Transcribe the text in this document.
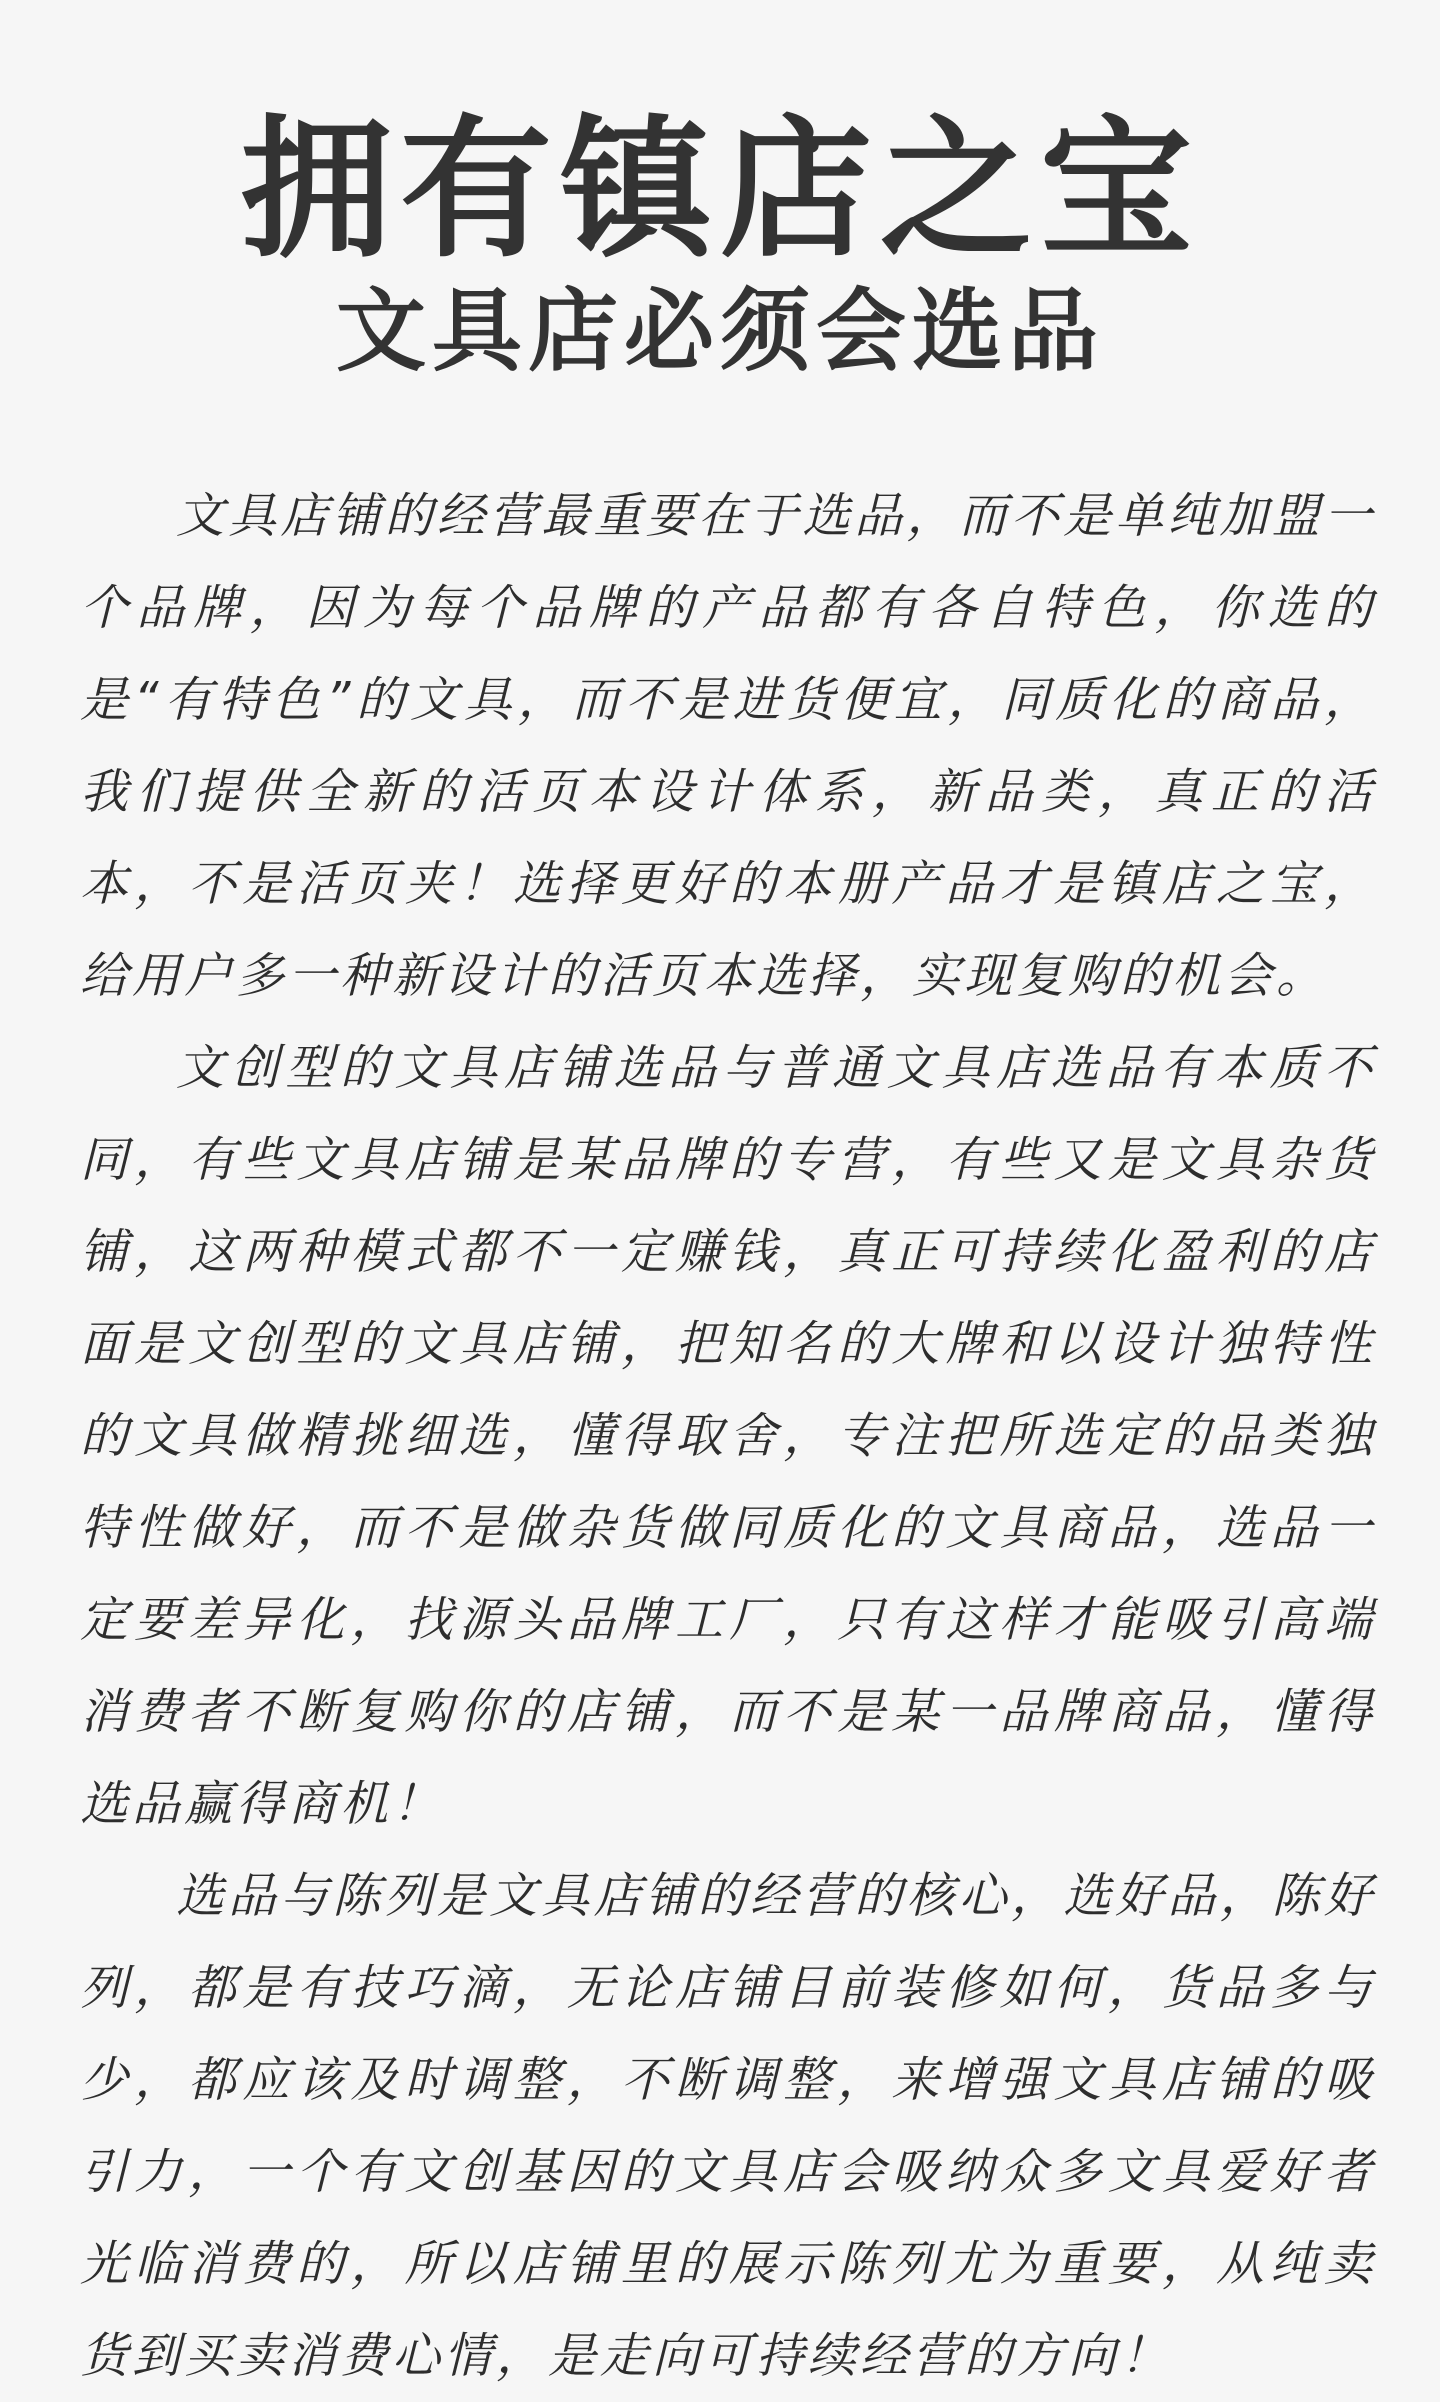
拥有镇店之宝
文具店必须会选品

文具店铺的经营最重要在于选品，而不是单纯加盟一个品牌，因为每个品牌的产品都有各自特色，你选的是“有特色”的文具，而不是进货便宜，同质化的商品，我们提供全新的活页本设计体系，新品类，真正的活本，不是活页夹！选择更好的本册产品才是镇店之宝，给用户多一种新设计的活页本选择，实现复购的机会。

文创型的文具店铺选品与普通文具店选品有本质不同，有些文具店铺是某品牌的专营，有些又是文具杂货铺，这两种模式都不一定赚钱，真正可持续化盈利的店面是文创型的文具店铺，把知名的大牌和以设计独特性的文具做精挑细选，懂得取舍，专注把所选定的品类独特性做好，而不是做杂货做同质化的文具商品，选品一定要差异化，找源头品牌工厂，只有这样才能吸引高端消费者不断复购你的店铺，而不是某一品牌商品，懂得选品赢得商机！

选品与陈列是文具店铺的经营的核心，选好品，陈好列，都是有技巧滴，无论店铺目前装修如何，货品多与少，都应该及时调整，不断调整，来增强文具店铺的吸引力，一个有文创基因的文具店会吸纳众多文具爱好者光临消费的，所以店铺里的展示陈列尤为重要，从纯卖货到买卖消费心情，是走向可持续经营的方向！
